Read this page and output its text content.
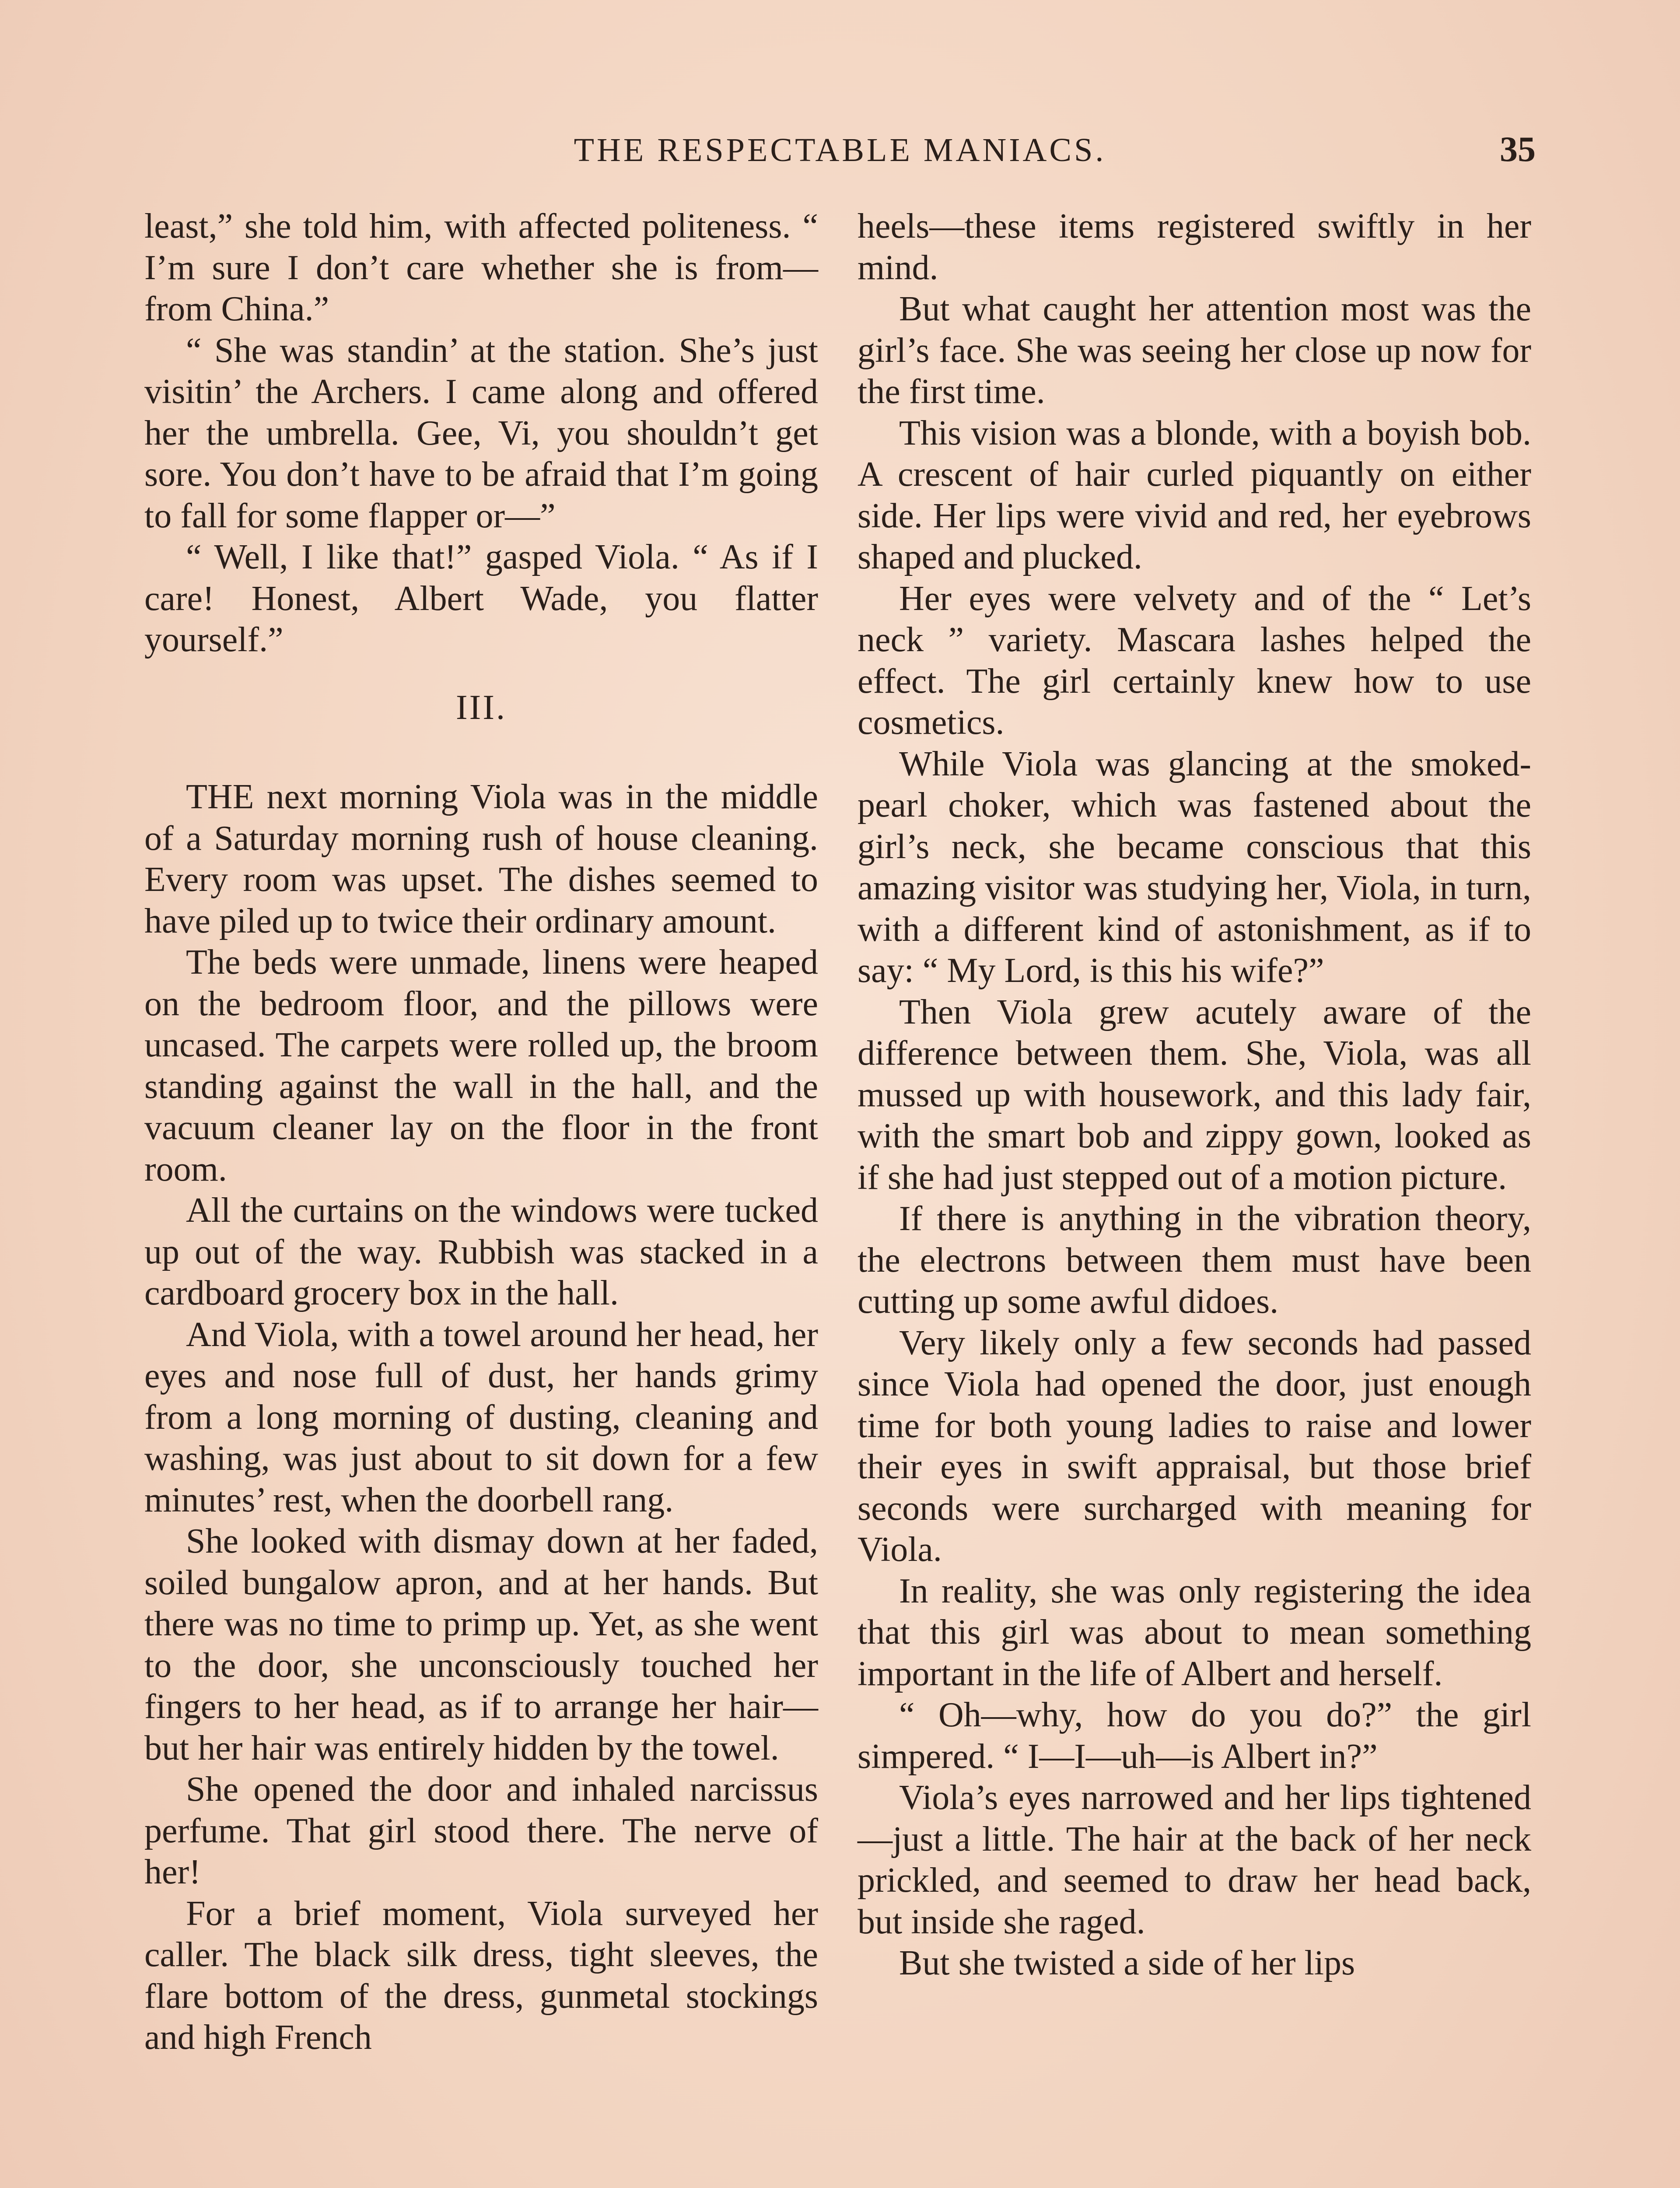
THE RESPECTABLE MANIACS.	35

least,” she told him, with affected politeness. “ I’m sure I don’t care whether she is from—from China.”

“ She was standin’ at the station. She’s just visitin’ the Archers. I came along and offered her the umbrella. Gee, Vi, you shouldn’t get sore. You don’t have to be afraid that I’m going to fall for some flapper or—”

“ Well, I like that!” gasped Viola. “ As if I care! Honest, Albert Wade, you flatter yourself.”

III.

THE next morning Viola was in the middle of a Saturday morning rush of house cleaning. Every room was upset. The dishes seemed to have piled up to twice their ordinary amount.

The beds were unmade, linens were heaped on the bedroom floor, and the pillows were uncased. The carpets were rolled up, the broom standing against the wall in the hall, and the vacuum cleaner lay on the floor in the front room.

All the curtains on the windows were tucked up out of the way. Rubbish was stacked in a cardboard grocery box in the hall.

And Viola, with a towel around her head, her eyes and nose full of dust, her hands grimy from a long morning of dusting, cleaning and washing, was just about to sit down for a few minutes’ rest, when the doorbell rang.

She looked with dismay down at her faded, soiled bungalow apron, and at her hands. But there was no time to primp up. Yet, as she went to the door, she unconsciously touched her fingers to her head, as if to arrange her hair—but her hair was entirely hidden by the towel.

She opened the door and inhaled narcissus perfume. That girl stood there. The nerve of her!

For a brief moment, Viola surveyed her caller. The black silk dress, tight sleeves, the flare bottom of the dress, gunmetal stockings and high French

heels—these items registered swiftly in her mind.

But what caught her attention most was the girl’s face. She was seeing her close up now for the first time.

This vision was a blonde, with a boyish bob. A crescent of hair curled piquantly on either side. Her lips were vivid and red, her eyebrows shaped and plucked.

Her eyes were velvety and of the “ Let’s neck ” variety. Mascara lashes helped the effect. The girl certainly knew how to use cosmetics.

While Viola was glancing at the smoked-pearl choker, which was fastened about the girl’s neck, she became conscious that this amazing visitor was studying her, Viola, in turn, with a different kind of astonishment, as if to say: “ My Lord, is this his wife?”

Then Viola grew acutely aware of the difference between them. She, Viola, was all mussed up with housework, and this lady fair, with the smart bob and zippy gown, looked as if she had just stepped out of a motion picture.

If there is anything in the vibration theory, the electrons between them must have been cutting up some awful didoes.

Very likely only a few seconds had passed since Viola had opened the door, just enough time for both young ladies to raise and lower their eyes in swift appraisal, but those brief seconds were surcharged with meaning for Viola.

In reality, she was only registering the idea that this girl was about to mean something important in the life of Albert and herself.

“ Oh—why, how do you do?” the girl simpered. “ I—I—uh—is Albert in?”

Viola’s eyes narrowed and her lips tightened—just a little. The hair at the back of her neck prickled, and seemed to draw her head back, but inside she raged.

But she twisted a side of her lips
